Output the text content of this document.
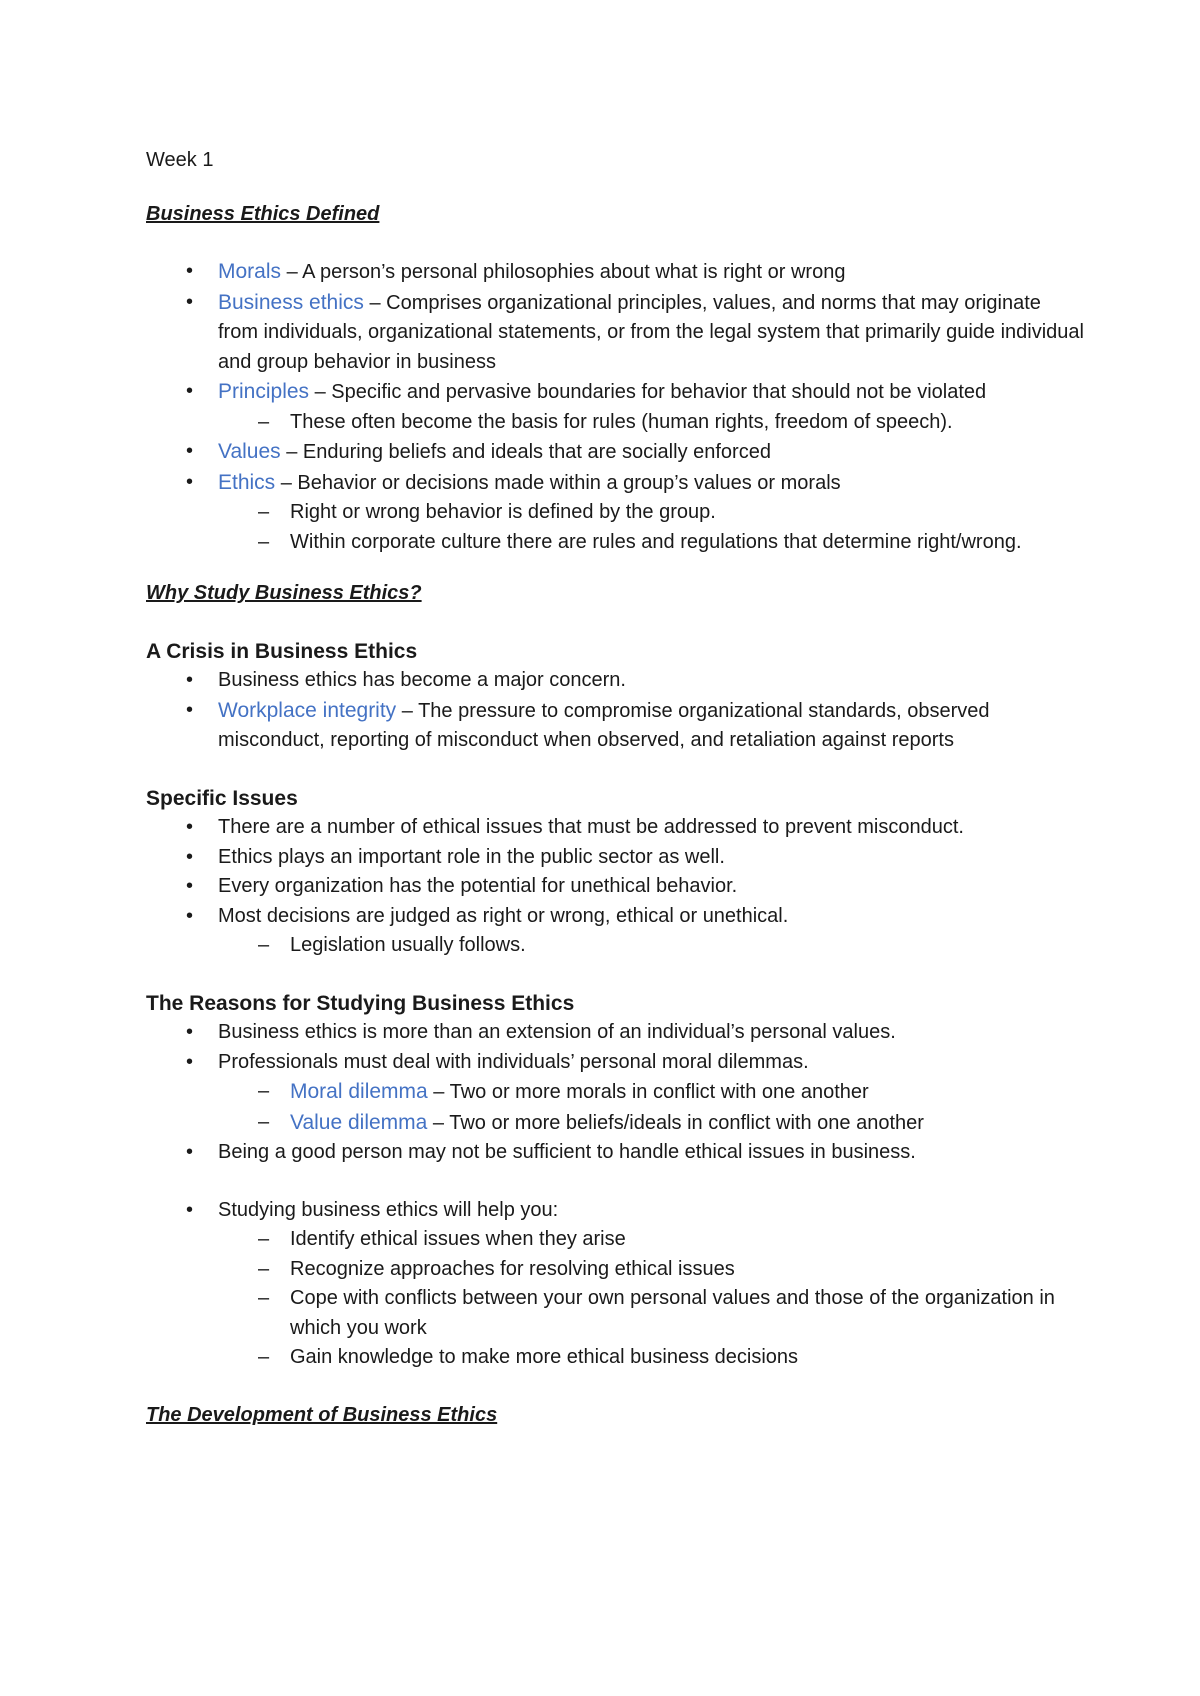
Week 1

Business Ethics Defined

• Morals – A person’s personal philosophies about what is right or wrong
• Business ethics – Comprises organizational principles, values, and norms that may originate from individuals, organizational statements, or from the legal system that primarily guide individual and group behavior in business
• Principles – Specific and pervasive boundaries for behavior that should not be violated
– These often become the basis for rules (human rights, freedom of speech).
• Values – Enduring beliefs and ideals that are socially enforced
• Ethics – Behavior or decisions made within a group’s values or morals
– Right or wrong behavior is defined by the group.
– Within corporate culture there are rules and regulations that determine right/wrong.

Why Study Business Ethics?

A Crisis in Business Ethics

• Business ethics has become a major concern.
• Workplace integrity – The pressure to compromise organizational standards, observed misconduct, reporting of misconduct when observed, and retaliation against reports

Specific Issues

• There are a number of ethical issues that must be addressed to prevent misconduct.
• Ethics plays an important role in the public sector as well.
• Every organization has the potential for unethical behavior.
• Most decisions are judged as right or wrong, ethical or unethical.
– Legislation usually follows.

The Reasons for Studying Business Ethics

• Business ethics is more than an extension of an individual’s personal values.
• Professionals must deal with individuals’ personal moral dilemmas.
– Moral dilemma – Two or more morals in conflict with one another
– Value dilemma – Two or more beliefs/ideals in conflict with one another
• Being a good person may not be sufficient to handle ethical issues in business.
• Studying business ethics will help you:
– Identify ethical issues when they arise
– Recognize approaches for resolving ethical issues
– Cope with conflicts between your own personal values and those of the organization in which you work
– Gain knowledge to make more ethical business decisions

The Development of Business Ethics
